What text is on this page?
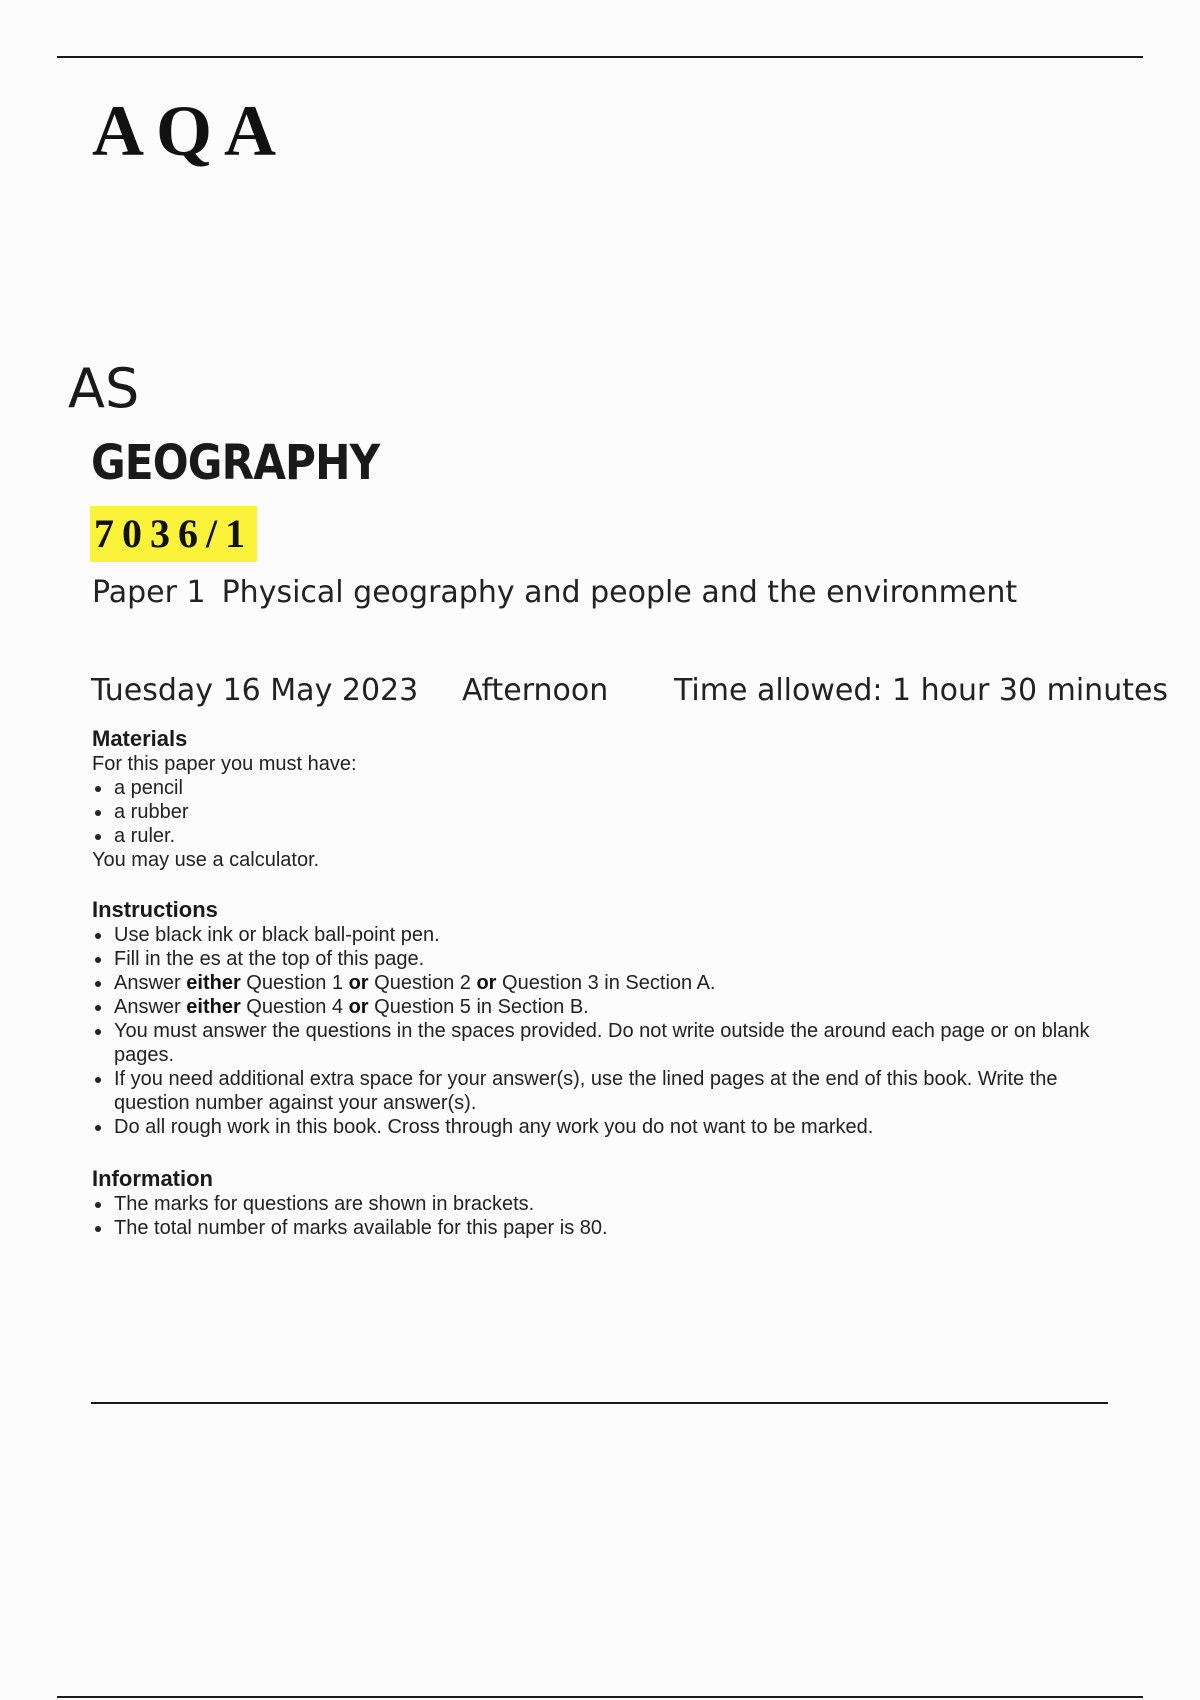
AQA
AS
GEOGRAPHY
7036/1
Paper 1 Physical geography and people and the environment
Tuesday 16 May 2023 Afternoon Time allowed: 1 hour 30 minutes
Materials
For this paper you must have:
a pencil
a rubber
a ruler.
You may use a calculator.
Instructions
Use black ink or black ball-point pen.
Fill in the es at the top of this page.
Answer either Question 1 or Question 2 or Question 3 in Section A.
Answer either Question 4 or Question 5 in Section B.
You must answer the questions in the spaces provided. Do not write outside the around each page or on blank pages.
If you need additional extra space for your answer(s), use the lined pages at the end of this book. Write the question number against your answer(s).
Do all rough work in this book. Cross through any work you do not want to be marked.
Information
The marks for questions are shown in brackets.
The total number of marks available for this paper is 80.
